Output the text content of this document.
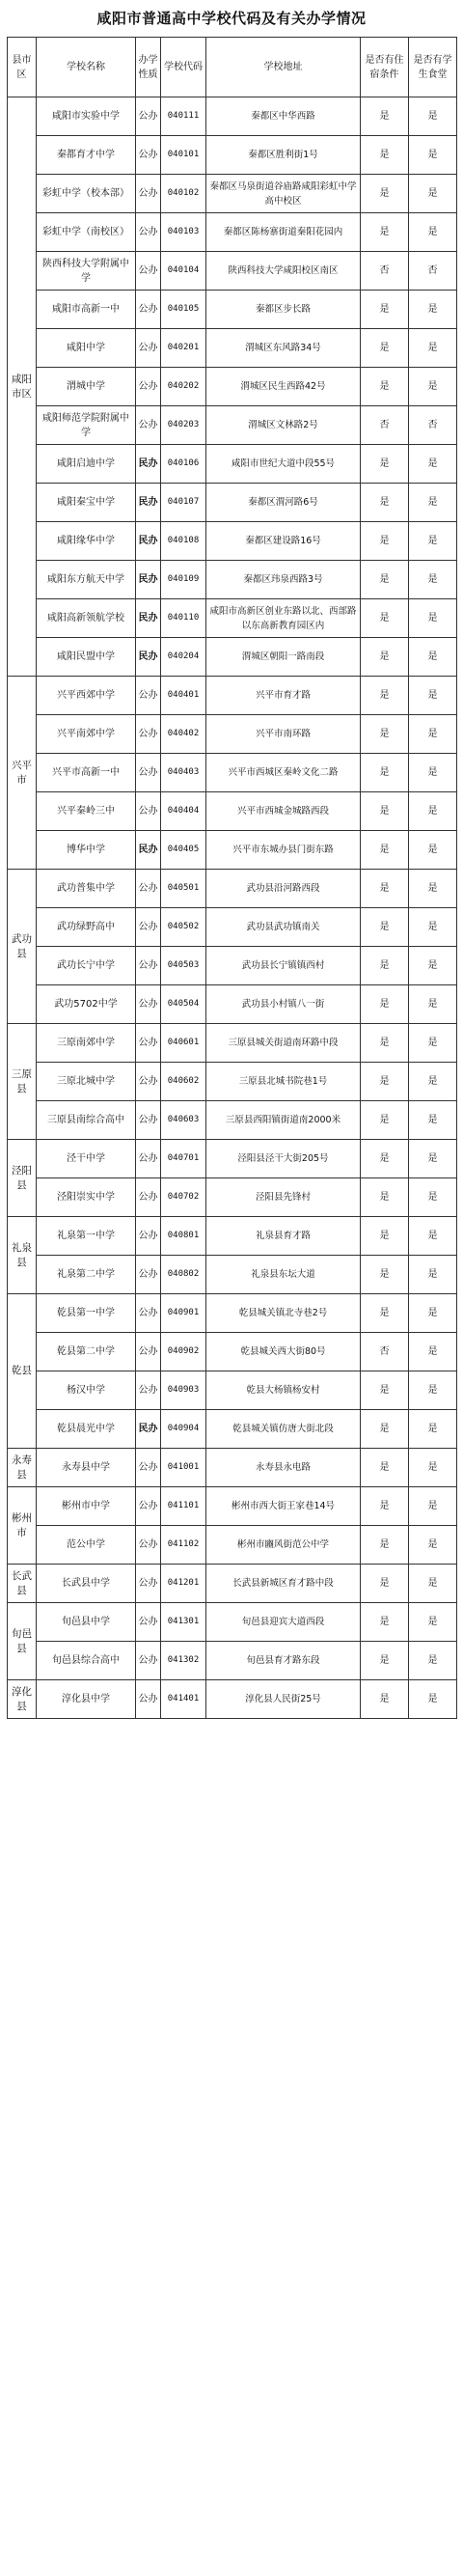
咸阳市普通高中学校代码及有关办学情况
县市区	学校名称	办学性质	学校代码	学校地址	是否有住宿条件	是否有学生食堂
咸阳市区	咸阳市实验中学	公办	040111	秦都区中华西路	是	是
	秦都育才中学	公办	040101	秦都区胜利街1号	是	是
	彩虹中学（校本部）	公办	040102	秦都区马泉街道谷庙路咸阳彩虹中学高中校区	是	是
	彩虹中学（南校区）	公办	040103	秦都区陈杨寨街道秦阳花园内	是	是
	陕西科技大学附属中学	公办	040104	陕西科技大学咸阳校区南区	否	否
	咸阳市高新一中	公办	040105	秦都区步长路	是	是
	咸阳中学	公办	040201	渭城区东风路34号	是	是
	渭城中学	公办	040202	渭城区民生西路42号	是	是
	咸阳师范学院附属中学	公办	040203	渭城区文林路2号	否	否
	咸阳启迪中学	民办	040106	咸阳市世纪大道中段55号	是	是
	咸阳秦宝中学	民办	040107	秦都区渭河路6号	是	是
	咸阳缘华中学	民办	040108	秦都区建设路16号	是	是
	咸阳东方航天中学	民办	040109	秦都区玮泉西路3号	是	是
	咸阳高新领航学校	民办	040110	咸阳市高新区创业东路以北、西部路以东高新教育园区内	是	是
	咸阳民盟中学	民办	040204	渭城区朝阳一路南段	是	是
兴平市	兴平西郊中学	公办	040401	兴平市育才路	是	是
	兴平南郊中学	公办	040402	兴平市南环路	是	是
	兴平市高新一中	公办	040403	兴平市西城区秦岭文化二路	是	是
	兴平秦岭三中	公办	040404	兴平市西城金城路西段	是	是
	博华中学	民办	040405	兴平市东城办县门街东路	是	是
武功县	武功普集中学	公办	040501	武功县沿河路西段	是	是
	武功绿野高中	公办	040502	武功县武功镇南关	是	是
	武功长宁中学	公办	040503	武功县长宁镇镇西村	是	是
	武功5702中学	公办	040504	武功县小村镇八一街	是	是
三原县	三原南郊中学	公办	040601	三原县城关街道南环路中段	是	是
	三原北城中学	公办	040602	三原县北城书院巷1号	是	是
	三原县南综合高中	公办	040603	三原县西阳镇街道南2000米	是	是
泾阳县	泾干中学	公办	040701	泾阳县泾干大街205号	是	是
	泾阳崇实中学	公办	040702	泾阳县先锋村	是	是
礼泉县	礼泉第一中学	公办	040801	礼泉县育才路	是	是
	礼泉第二中学	公办	040802	礼泉县东坛大道	是	是
乾县	乾县第一中学	公办	040901	乾县城关镇北寺巷2号	是	是
	乾县第二中学	公办	040902	乾县城关西大街80号	否	是
	杨汉中学	公办	040903	乾县大杨镇杨安村	是	是
	乾县晨光中学	民办	040904	乾县城关镇仿唐大街北段	是	是
永寿县	永寿县中学	公办	041001	永寿县永电路	是	是
彬州市	彬州市中学	公办	041101	彬州市西大街王家巷14号	是	是
	范公中学	公办	041102	彬州市豳风街范公中学	是	是
长武县	长武县中学	公办	041201	长武县新城区育才路中段	是	是
旬邑县	旬邑县中学	公办	041301	旬邑县迎宾大道西段	是	是
	旬邑县综合高中	公办	041302	旬邑县育才路东段	是	是
淳化县	淳化县中学	公办	041401	淳化县人民街25号	是	是
